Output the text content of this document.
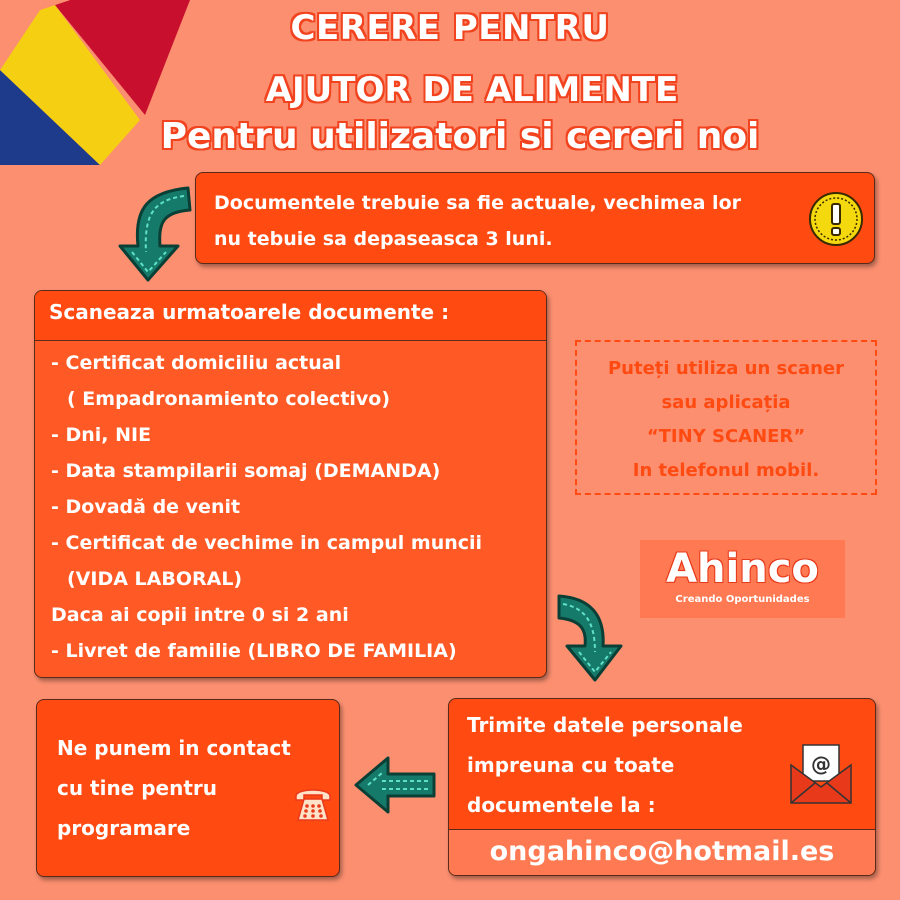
CERERE PENTRU
AJUTOR DE ALIMENTE
Pentru utilizatori si cereri noi
Documentele trebuie sa fie actuale, vechimea lor
nu tebuie sa depaseasca 3 luni.
Scaneaza urmatoarele documente :
- Certificat domiciliu actual
( Empadronamiento colectivo)
- Dni, NIE
- Data stampilarii somaj (DEMANDA)
- Dovadă de venit
- Certificat de vechime in campul muncii
(VIDA LABORAL)
Daca ai copii intre 0 si 2 ani
- Livret de familie (LIBRO DE FAMILIA)
Puteți utiliza un scaner
sau aplicația
“TINY SCANER”
In telefonul mobil.
Ahinco
Creando Oportunidades
Ne punem in contact
cu tine pentru
programare
Trimite datele personale
impreuna cu toate
documentele la :
@
ongahinco@hotmail.es
